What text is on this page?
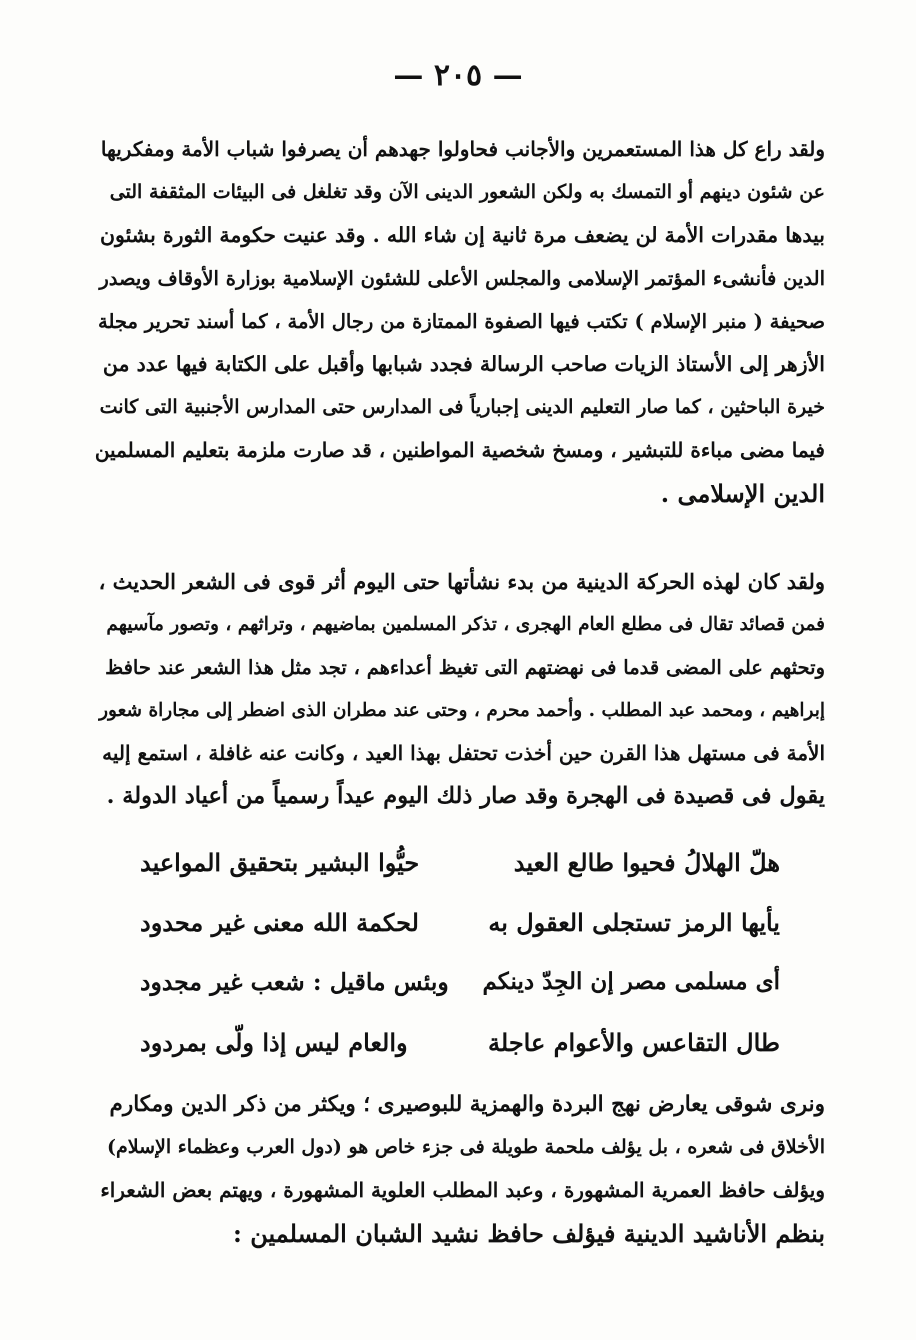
— ٢٠٥ —
ولقد راع كل هذا المستعمرين والأجانب فحاولوا جهدهم أن يصرفوا شباب الأمة ومفكريها
عن شئون دينهم أو التمسك به ولكن الشعور الدينى الآن وقد تغلغل فى البيئات المثقفة التى
بيدها مقدرات الأمة لن يضعف مرة ثانية إن شاء الله . وقد عنيت حكومة الثورة بشئون
الدين فأنشىء المؤتمر الإسلامى والمجلس الأعلى للشئون الإسلامية بوزارة الأوقاف ويصدر
صحيفة ( منبر الإسلام ) تكتب فيها الصفوة الممتازة من رجال الأمة ، كما أسند تحرير مجلة
الأزهر إلى الأستاذ الزيات صاحب الرسالة فجدد شبابها وأقبل على الكتابة فيها عدد من
خيرة الباحثين ، كما صار التعليم الدينى إجبارياً فى المدارس حتى المدارس الأجنبية التى كانت
فيما مضى مباءة للتبشير ، ومسخ شخصية المواطنين ، قد صارت ملزمة بتعليم المسلمين
الدين الإسلامى .
ولقد كان لهذه الحركة الدينية من بدء نشأتها حتى اليوم أثر قوى فى الشعر الحديث ،
فمن قصائد تقال فى مطلع العام الهجرى ، تذكر المسلمين بماضيهم ، وتراثهم ، وتصور مآسيهم
وتحثهم على المضى قدما فى نهضتهم التى تغيظ أعداءهم ، تجد مثل هذا الشعر عند حافظ
إبراهيم ، ومحمد عبد المطلب . وأحمد محرم ، وحتى عند مطران الذى اضطر إلى مجاراة شعور
الأمة فى مستهل هذا القرن حين أخذت تحتفل بهذا العيد ، وكانت عنه غافلة ، استمع إليه
يقول فى قصيدة فى الهجرة وقد صار ذلك اليوم عيداً رسمياً من أعياد الدولة .
هلّ الهلالُ فحيوا طالع العيد
حيُّوا البشير بتحقيق المواعيد
يأيها الرمز تستجلى العقول به
لحكمة الله معنى غير محدود
أى مسلمى مصر إن الجِدّ دينكم
وبئس ماقيل : شعب غير مجدود
طال التقاعس والأعوام عاجلة
والعام ليس إذا ولّى بمردود
ونرى شوقى يعارض نهج البردة والهمزية للبوصيرى ؛ ويكثر من ذكر الدين ومكارم
الأخلاق فى شعره ، بل يؤلف ملحمة طويلة فى جزء خاص هو (دول العرب وعظماء الإسلام)
ويؤلف حافظ العمرية المشهورة ، وعبد المطلب العلوية المشهورة ، ويهتم بعض الشعراء
بنظم الأناشيد الدينية فيؤلف حافظ نشيد الشبان المسلمين :
